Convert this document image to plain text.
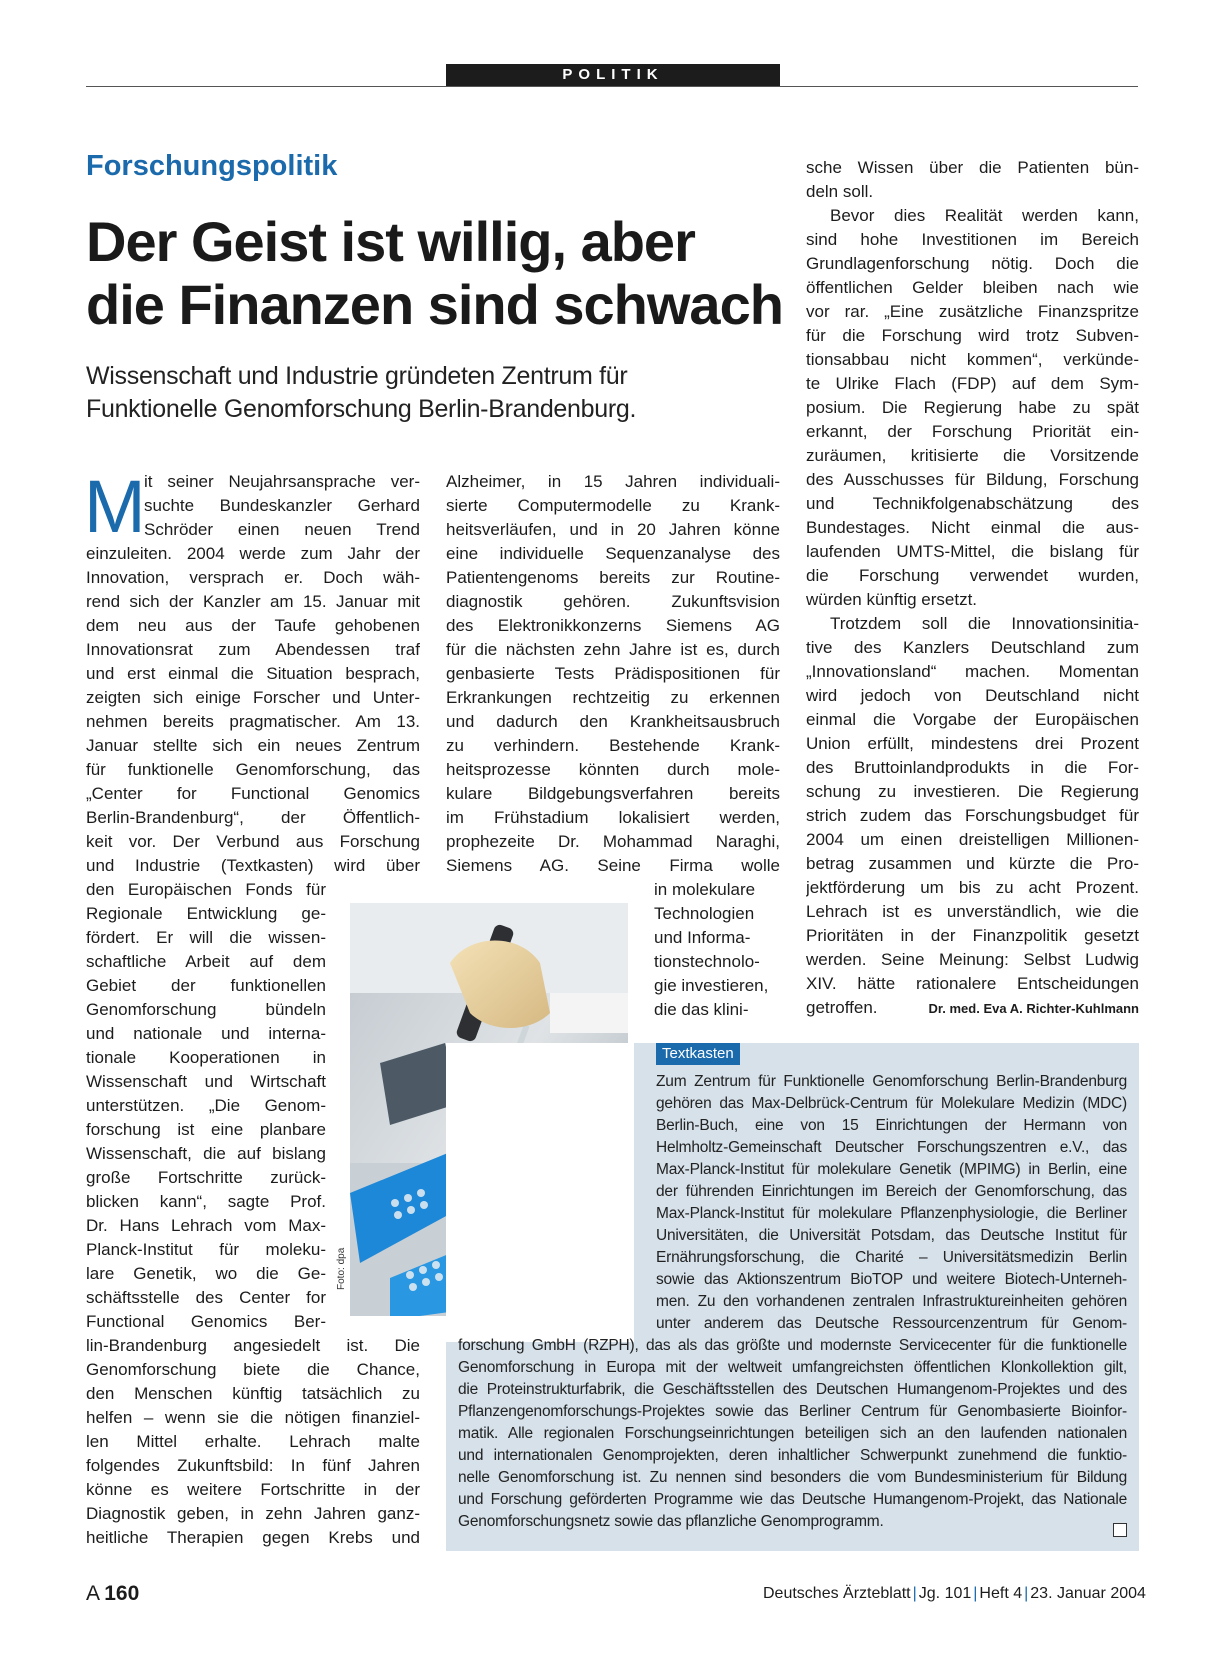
POLITIK
Forschungspolitik
Der Geist ist willig, aber
die Finanzen sind schwach
Wissenschaft und Industrie gründeten Zentrum für
Funktionelle Genomforschung Berlin-Brandenburg.
M
it seiner Neujahrsansprache ver-
suchte Bundeskanzler Gerhard
Schröder einen neuen Trend
einzuleiten. 2004 werde zum Jahr der
Innovation, versprach er. Doch wäh-
rend sich der Kanzler am 15. Januar mit
dem neu aus der Taufe gehobenen
Innovationsrat zum Abendessen traf
und erst einmal die Situation besprach,
zeigten sich einige Forscher und Unter-
nehmen bereits pragmatischer. Am 13.
Januar stellte sich ein neues Zentrum
für funktionelle Genomforschung, das
„Center for Functional Genomics
Berlin-Brandenburg“, der Öffentlich-
keit vor. Der Verbund aus Forschung
und Industrie (Textkasten) wird über
den Europäischen Fonds für
Regionale Entwicklung ge-
fördert. Er will die wissen-
schaftliche Arbeit auf dem
Gebiet der funktionellen
Genomforschung bündeln
und nationale und interna-
tionale Kooperationen in
Wissenschaft und Wirtschaft
unterstützen. „Die Genom-
forschung ist eine planbare
Wissenschaft, die auf bislang
große Fortschritte zurück-
blicken kann“, sagte Prof.
Dr. Hans Lehrach vom Max-
Planck-Institut für moleku-
lare Genetik, wo die Ge-
schäftsstelle des Center for
Functional Genomics Ber-
lin-Brandenburg angesiedelt ist. Die
Genomforschung biete die Chance,
den Menschen künftig tatsächlich zu
helfen – wenn sie die nötigen finanziel-
len Mittel erhalte. Lehrach malte
folgendes Zukunftsbild: In fünf Jahren
könne es weitere Fortschritte in der
Diagnostik geben, in zehn Jahren ganz-
heitliche Therapien gegen Krebs und
Alzheimer, in 15 Jahren individuali-
sierte Computermodelle zu Krank-
heitsverläufen, und in 20 Jahren könne
eine individuelle Sequenzanalyse des
Patientengenoms bereits zur Routine-
diagnostik gehören. Zukunftsvision
des Elektronikkonzerns Siemens AG
für die nächsten zehn Jahre ist es, durch
genbasierte Tests Prädispositionen für
Erkrankungen rechtzeitig zu erkennen
und dadurch den Krankheitsausbruch
zu verhindern. Bestehende Krank-
heitsprozesse könnten durch mole-
kulare Bildgebungsverfahren bereits
im Frühstadium lokalisiert werden,
prophezeite Dr. Mohammad Naraghi,
Siemens AG. Seine Firma wolle
in molekulare
Technologien
und Informa-
tionstechnolo-
gie investieren,
die das klini-
sche Wissen über die Patienten bün-
deln soll.
Bevor dies Realität werden kann,
sind hohe Investitionen im Bereich
Grundlagenforschung nötig. Doch die
öffentlichen Gelder bleiben nach wie
vor rar. „Eine zusätzliche Finanzspritze
für die Forschung wird trotz Subven-
tionsabbau nicht kommen“, verkünde-
te Ulrike Flach (FDP) auf dem Sym-
posium. Die Regierung habe zu spät
erkannt, der Forschung Priorität ein-
zuräumen, kritisierte die Vorsitzende
des Ausschusses für Bildung, Forschung
und Technikfolgenabschätzung des
Bundestages. Nicht einmal die aus-
laufenden UMTS-Mittel, die bislang für
die Forschung verwendet wurden,
würden künftig ersetzt.
Trotzdem soll die Innovationsinitia-
tive des Kanzlers Deutschland zum
„Innovationsland“ machen. Momentan
wird jedoch von Deutschland nicht
einmal die Vorgabe der Europäischen
Union erfüllt, mindestens drei Prozent
des Bruttoinlandprodukts in die For-
schung zu investieren. Die Regierung
strich zudem das Forschungsbudget für
2004 um einen dreistelligen Millionen-
betrag zusammen und kürzte die Pro-
jektförderung um bis zu acht Prozent.
Lehrach ist es unverständlich, wie die
Prioritäten in der Finanzpolitik gesetzt
werden. Seine Meinung: Selbst Ludwig
XIV. hätte rationalere Entscheidungen
getroffen.	Dr. med. Eva A. Richter-Kuhlmann
Foto: dpa
Textkasten
Zum Zentrum für Funktionelle Genomforschung Berlin-Brandenburg
gehören das Max-Delbrück-Centrum für Molekulare Medizin (MDC)
Berlin-Buch, eine von 15 Einrichtungen der Hermann von
Helmholtz-Gemeinschaft Deutscher Forschungszentren e.V., das
Max-Planck-Institut für molekulare Genetik (MPIMG) in Berlin, eine
der führenden Einrichtungen im Bereich der Genomforschung, das
Max-Planck-Institut für molekulare Pflanzenphysiologie, die Berliner
Universitäten, die Universität Potsdam, das Deutsche Institut für
Ernährungsforschung, die Charité – Universitätsmedizin Berlin
sowie das Aktionszentrum BioTOP und weitere Biotech-Unterneh-
men. Zu den vorhandenen zentralen Infrastruktureinheiten gehören
unter anderem das Deutsche Ressourcenzentrum für Genom-
forschung GmbH (RZPH), das als das größte und modernste Servicecenter für die funktionelle
Genomforschung in Europa mit der weltweit umfangreichsten öffentlichen Klonkollektion gilt,
die Proteinstrukturfabrik, die Geschäftsstellen des Deutschen Humangenom-Projektes und des
Pflanzengenomforschungs-Projektes sowie das Berliner Centrum für Genombasierte Bioinfor-
matik. Alle regionalen Forschungseinrichtungen beteiligen sich an den laufenden nationalen
und internationalen Genomprojekten, deren inhaltlicher Schwerpunkt zunehmend die funktio-
nelle Genomforschung ist. Zu nennen sind besonders die vom Bundesministerium für Bildung
und Forschung geförderten Programme wie das Deutsche Humangenom-Projekt, das Nationale
Genomforschungsnetz sowie das pflanzliche Genomprogramm.
A  160	Deutsches Ärzteblatt | Jg. 101 | Heft 4 | 23. Januar 2004
